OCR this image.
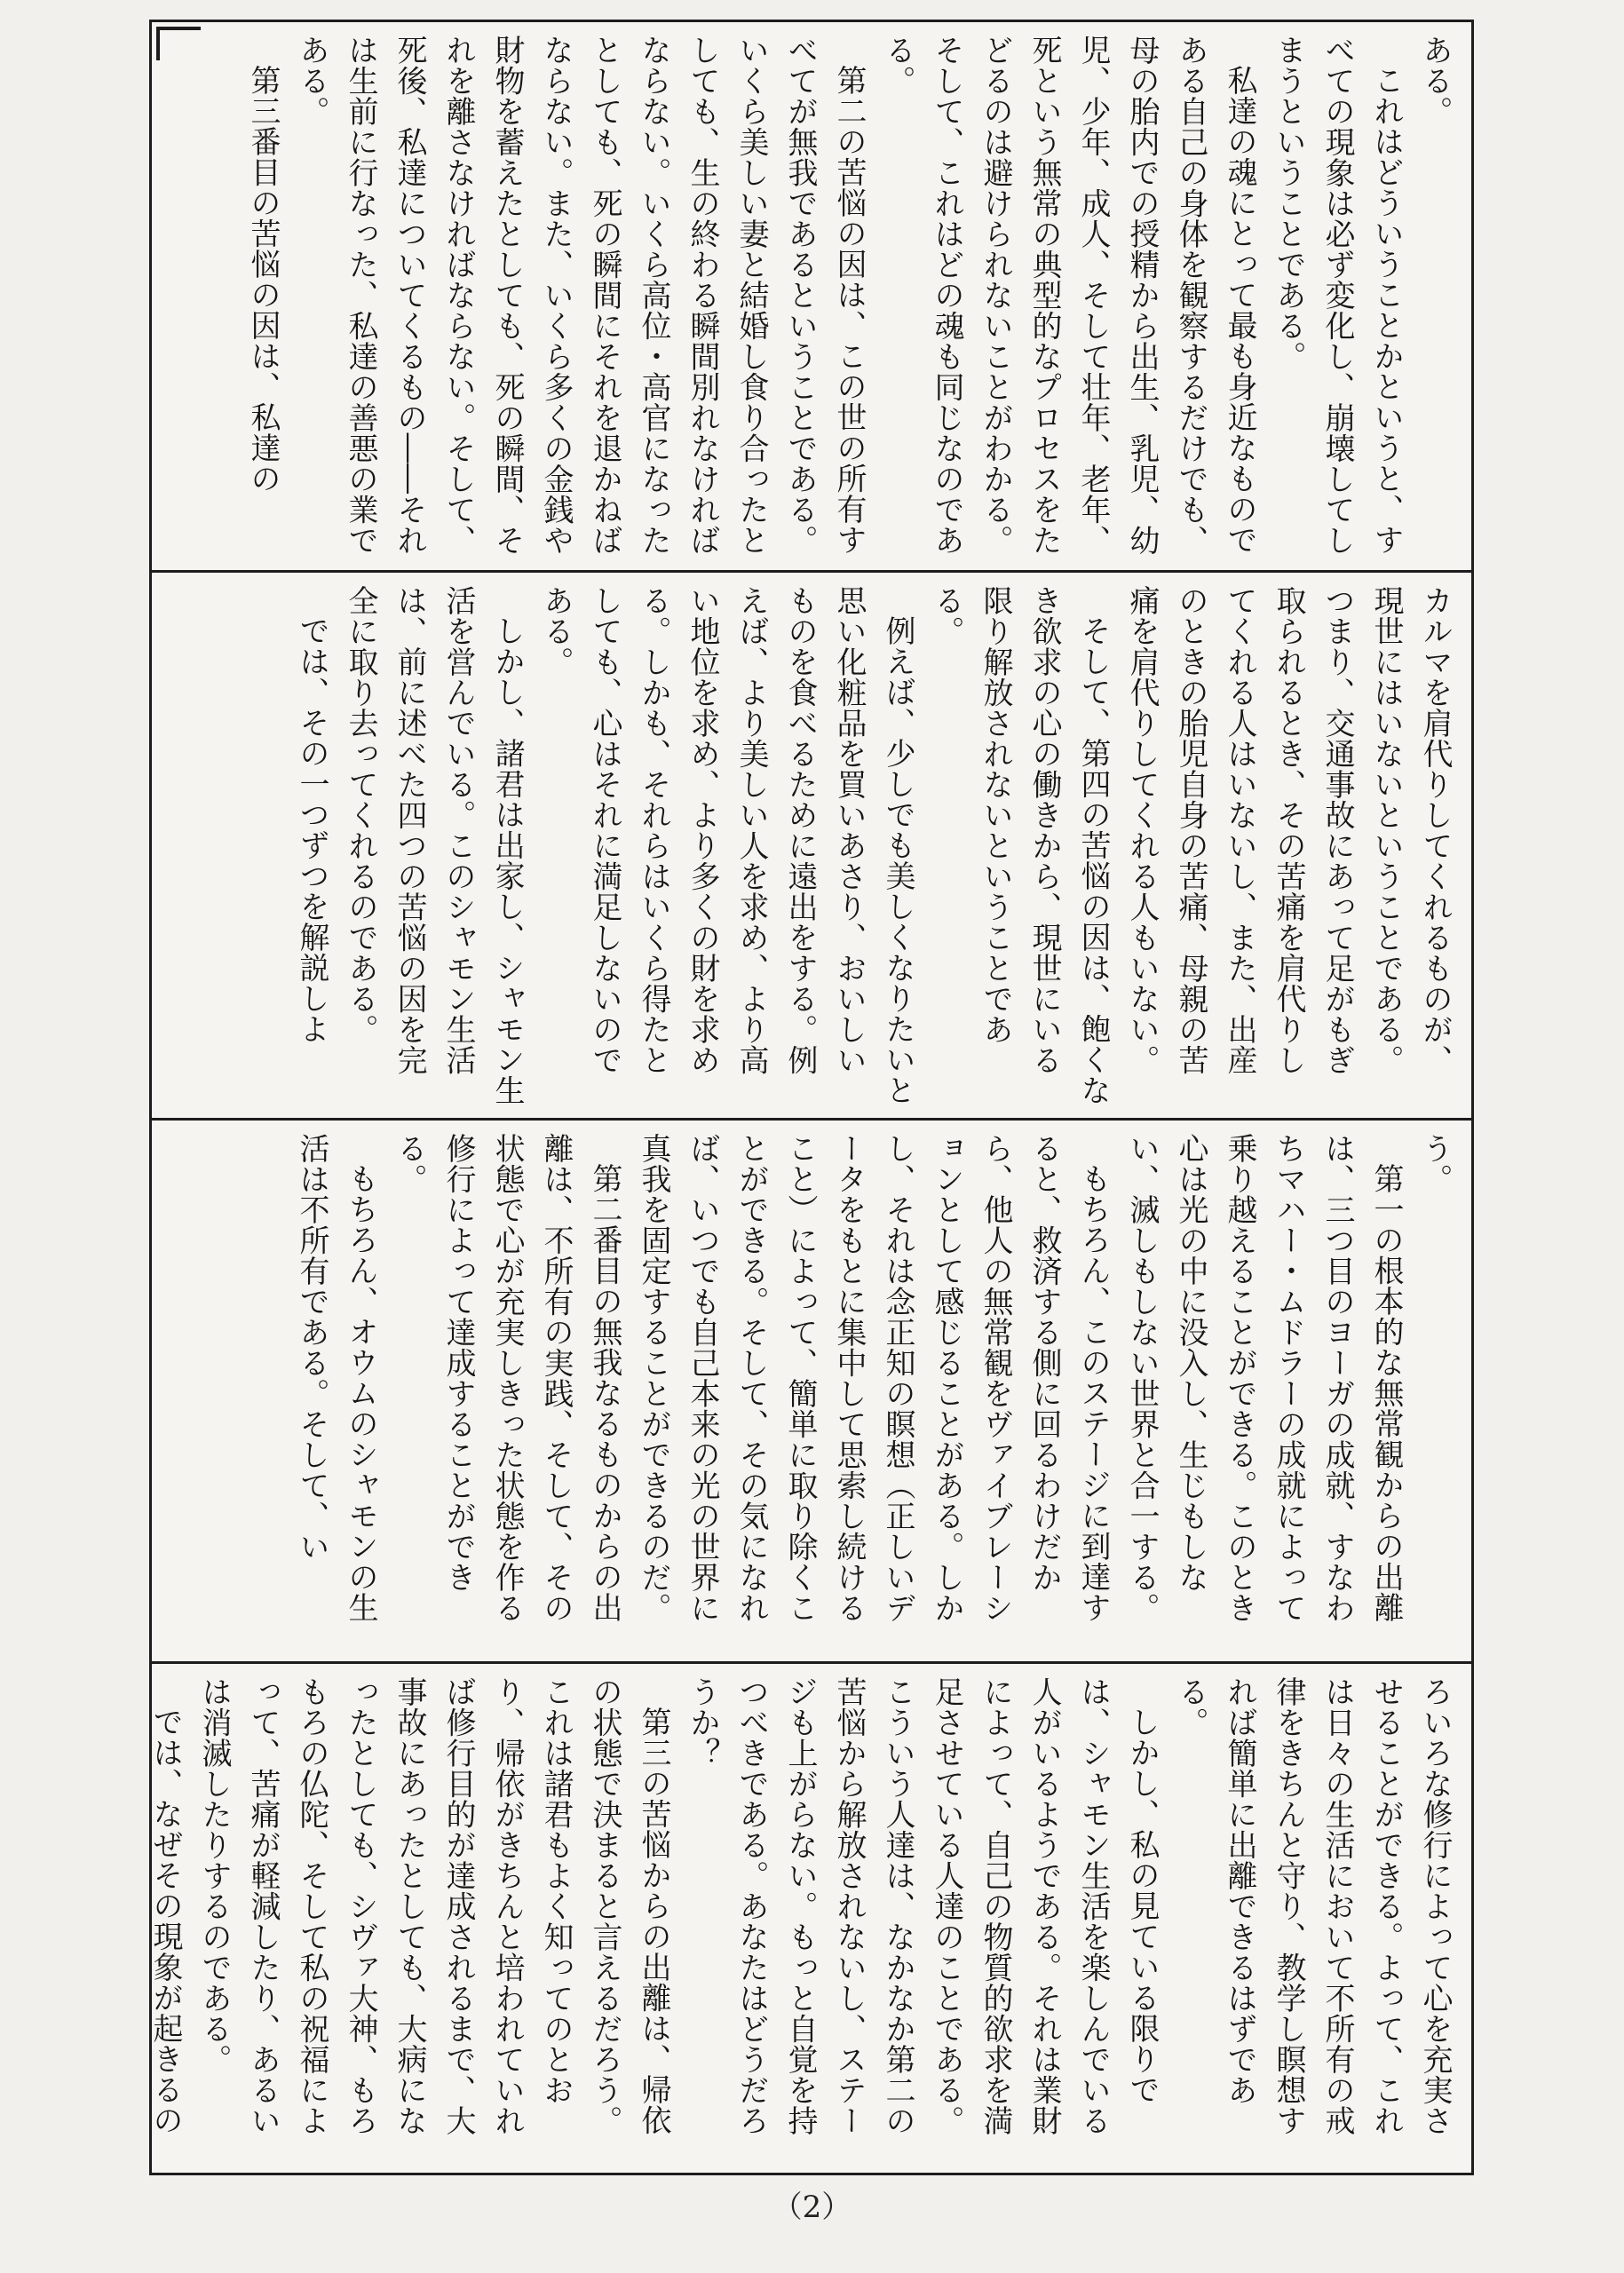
ある。

これはどういうことかというと、すべての現象は必ず変化し、崩壊してしまうということである。

私達の魂にとって最も身近なものである自己の身体を観察するだけでも、母の胎内での授精から出生、乳児、幼児、少年、成人、そして壮年、老年、死という無常の典型的なプロセスをたどるのは避けられないことがわかる。そして、これはどの魂も同じなのである。

第二の苦悩の因は、この世の所有すべてが無我であるということである。いくら美しい妻と結婚し食り合ったとしても、生の終わる瞬間別れなければならない。いくら高位・高官になったとしても、死の瞬間にそれを退かねばならない。また、いくら多くの金銭や財物を蓄えたとしても、死の瞬間、それを離さなければならない。そして、死後、私達についてくるもの――それは生前に行なった、私達の善悪の業である。

第三番目の苦悩の因は、私達の

カルマを肩代りしてくれるものが、現世にはいないということである。つまり、交通事故にあって足がもぎ取られるとき、その苦痛を肩代りしてくれる人はいないし、また、出産のときの胎児自身の苦痛、母親の苦痛を肩代りしてくれる人もいない。

そして、第四の苦悩の因は、飽くなき欲求の心の働きから、現世にいる限り解放されないということである。

例えば、少しでも美しくなりたいと思い化粧品を買いあさり、おいしいものを食べるために遠出をする。例えば、より美しい人を求め、より高い地位を求め、より多くの財を求める。しかも、それらはいくら得たとしても、心はそれに満足しないのである。

しかし、諸君は出家し、シャモン生活を営んでいる。このシャモン生活は、前に述べた四つの苦悩の因を完全に取り去ってくれるのである。

では、その一つずつを解説しよ

う。

第一の根本的な無常観からの出離は、三つ目のヨーガの成就、すなわちマハー・ムドラーの成就によって乗り越えることができる。このとき心は光の中に没入し、生じもしない、滅しもしない世界と合一する。

もちろん、このステージに到達すると、救済する側に回るわけだから、他人の無常観をヴァイブレーションとして感じることがある。しかし、それは念正知の瞑想（正しいデータをもとに集中して思索し続けること）によって、簡単に取り除くことができる。そして、その気になれば、いつでも自己本来の光の世界に真我を固定することができるのだ。

第二番目の無我なるものからの出離は、不所有の実践、そして、その状態で心が充実しきった状態を作る修行によって達成することができる。

もちろん、オウムのシャモンの生活は不所有である。そして、い

ろいろな修行によって心を充実させることができる。よって、これは日々の生活において不所有の戒律をきちんと守り、教学し瞑想すれば簡単に出離できるはずである。

しかし、私の見ている限りでは、シャモン生活を楽しんでいる人がいるようである。それは業財によって、自己の物質的欲求を満足させている人達のことである。こういう人達は、なかなか第二の苦悩から解放されないし、ステージも上がらない。もっと自覚を持つべきである。あなたはどうだろうか？

第三の苦悩からの出離は、帰依の状態で決まると言えるだろう。これは諸君もよく知ってのとおり、帰依がきちんと培われていれば修行目的が達成されるまで、大事故にあったとしても、大病になったとしても、シヴァ大神、もろもろの仏陀、そして私の祝福によって、苦痛が軽減したり、あるいは消滅したりするのである。

では、なぜその現象が起きるの

（2）
